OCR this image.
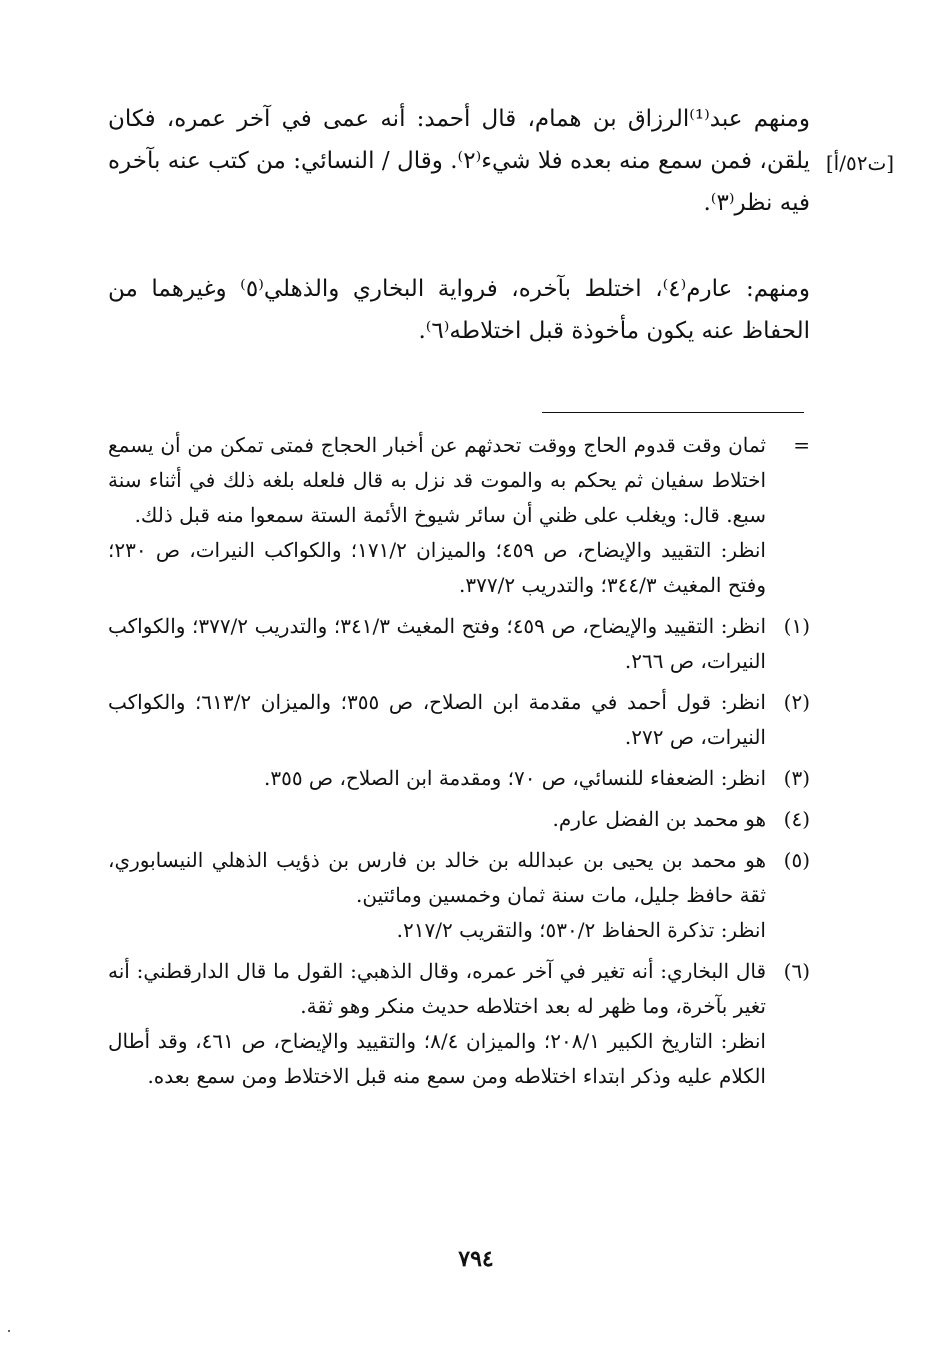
ومنهم عبد⁽¹⁾الرزاق بن همام، قال أحمد: أنه عمى في آخر عمره، فكان يلقن، فمن سمع منه بعده فلا شيء⁽٢⁾. وقال / النسائي: من كتب عنه بآخره فيه نظر⁽٣⁾.
[ت٥٢/أ]
ومنهم: عارم⁽٤⁾، اختلط بآخره، فرواية البخاري والذهلي⁽٥⁾ وغيرهما من الحفاظ عنه يكون مأخوذة قبل اختلاطه⁽٦⁾.
=
ثمان وقت قدوم الحاج ووقت تحدثهم عن أخبار الحجاج فمتى تمكن من أن يسمع اختلاط سفيان ثم يحكم به والموت قد نزل به قال فلعله بلغه ذلك في أثناء سنة سبع. قال: ويغلب على ظني أن سائر شيوخ الأئمة الستة سمعوا منه قبل ذلك.
انظر: التقييد والإيضاح، ص ٤٥٩؛ والميزان ١٧١/٢؛ والكواكب النيرات، ص ٢٣٠؛ وفتح المغيث ٣٤٤/٣؛ والتدريب ٣٧٧/٢.
(١)
انظر: التقييد والإيضاح، ص ٤٥٩؛ وفتح المغيث ٣٤١/٣؛ والتدريب ٣٧٧/٢؛ والكواكب النيرات، ص ٢٦٦.
(٢)
انظر: قول أحمد في مقدمة ابن الصلاح، ص ٣٥٥؛ والميزان ٦١٣/٢؛ والكواكب النيرات، ص ٢٧٢.
(٣)
انظر: الضعفاء للنسائي، ص ٧٠؛ ومقدمة ابن الصلاح، ص ٣٥٥.
(٤)
هو محمد بن الفضل عارم.
(٥)
هو محمد بن يحيى بن عبدالله بن خالد بن فارس بن ذؤيب الذهلي النيسابوري، ثقة حافظ جليل، مات سنة ثمان وخمسين ومائتين.
انظر: تذكرة الحفاظ ٥٣٠/٢؛ والتقريب ٢١٧/٢.
(٦)
قال البخاري: أنه تغير في آخر عمره، وقال الذهبي: القول ما قال الدارقطني: أنه تغير بآخرة، وما ظهر له بعد اختلاطه حديث منكر وهو ثقة.
انظر: التاريخ الكبير ٢٠٨/١؛ والميزان ٨/٤؛ والتقييد والإيضاح، ص ٤٦١، وقد أطال الكلام عليه وذكر ابتداء اختلاطه ومن سمع منه قبل الاختلاط ومن سمع بعده.
٧٩٤
